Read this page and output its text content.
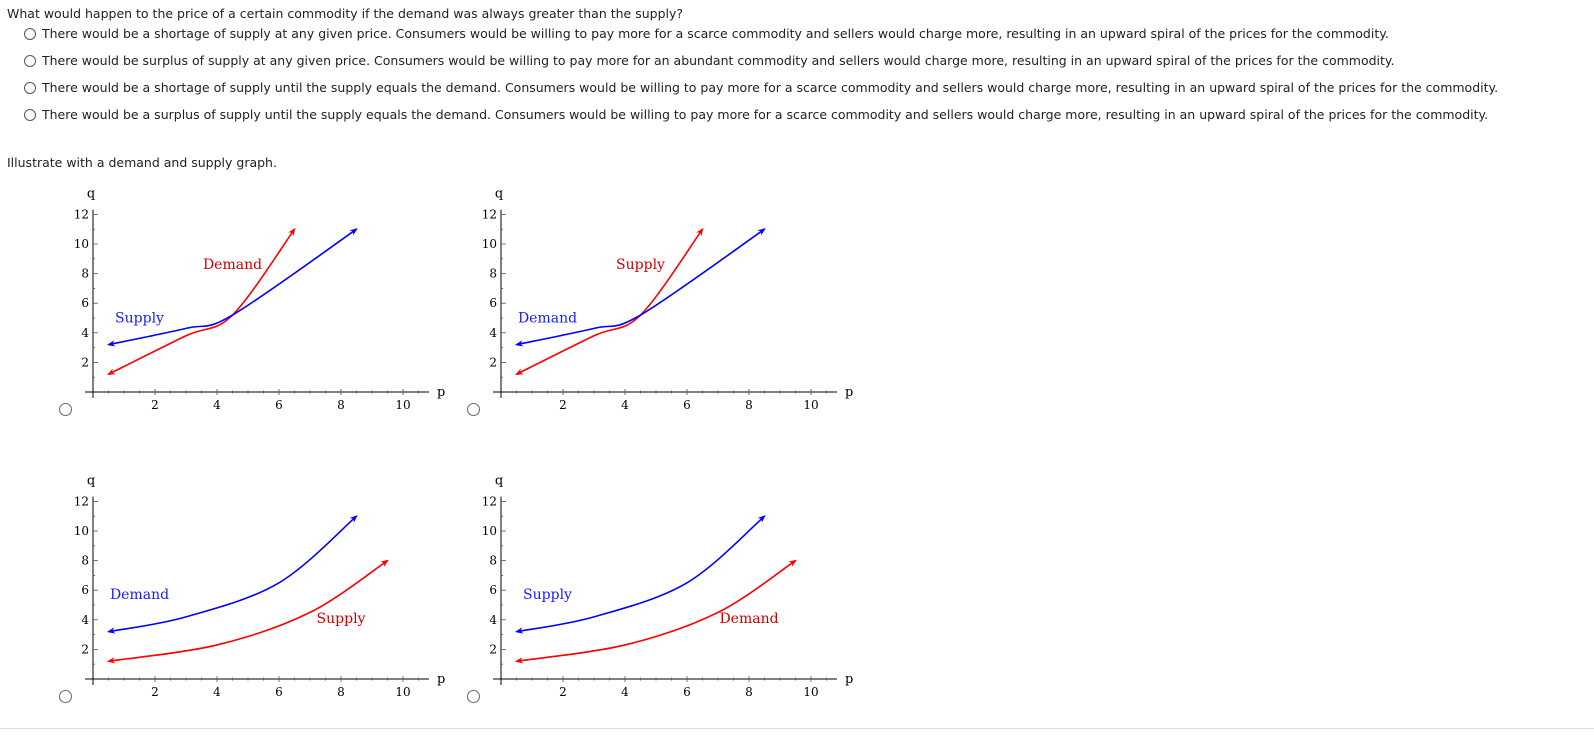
What would happen to the price of a certain commodity if the demand was always greater than the supply?
There would be a shortage of supply at any given price. Consumers would be willing to pay more for a scarce commodity and sellers would charge more, resulting in an upward spiral of the prices for the commodity.
There would be surplus of supply at any given price. Consumers would be willing to pay more for an abundant commodity and sellers would charge more, resulting in an upward spiral of the prices for the commodity.
There would be a shortage of supply until the supply equals the demand. Consumers would be willing to pay more for a scarce commodity and sellers would charge more, resulting in an upward spiral of the prices for the commodity.
There would be a surplus of supply until the supply equals the demand. Consumers would be willing to pay more for a scarce commodity and sellers would charge more, resulting in an upward spiral of the prices for the commodity.
Illustrate with a demand and supply graph.
2	4	6	8	10
2
4
6
8
10
12
p
q
Demand
Supply
2	4	6	8	10
2
4
6
8
10
12
p
q
Supply
Demand
2	4	6	8	10
2
4
6
8
10
12
p
q
Demand
Supply
2	4	6	8	10
2
4
6
8
10
12
p
q
Supply
Demand
